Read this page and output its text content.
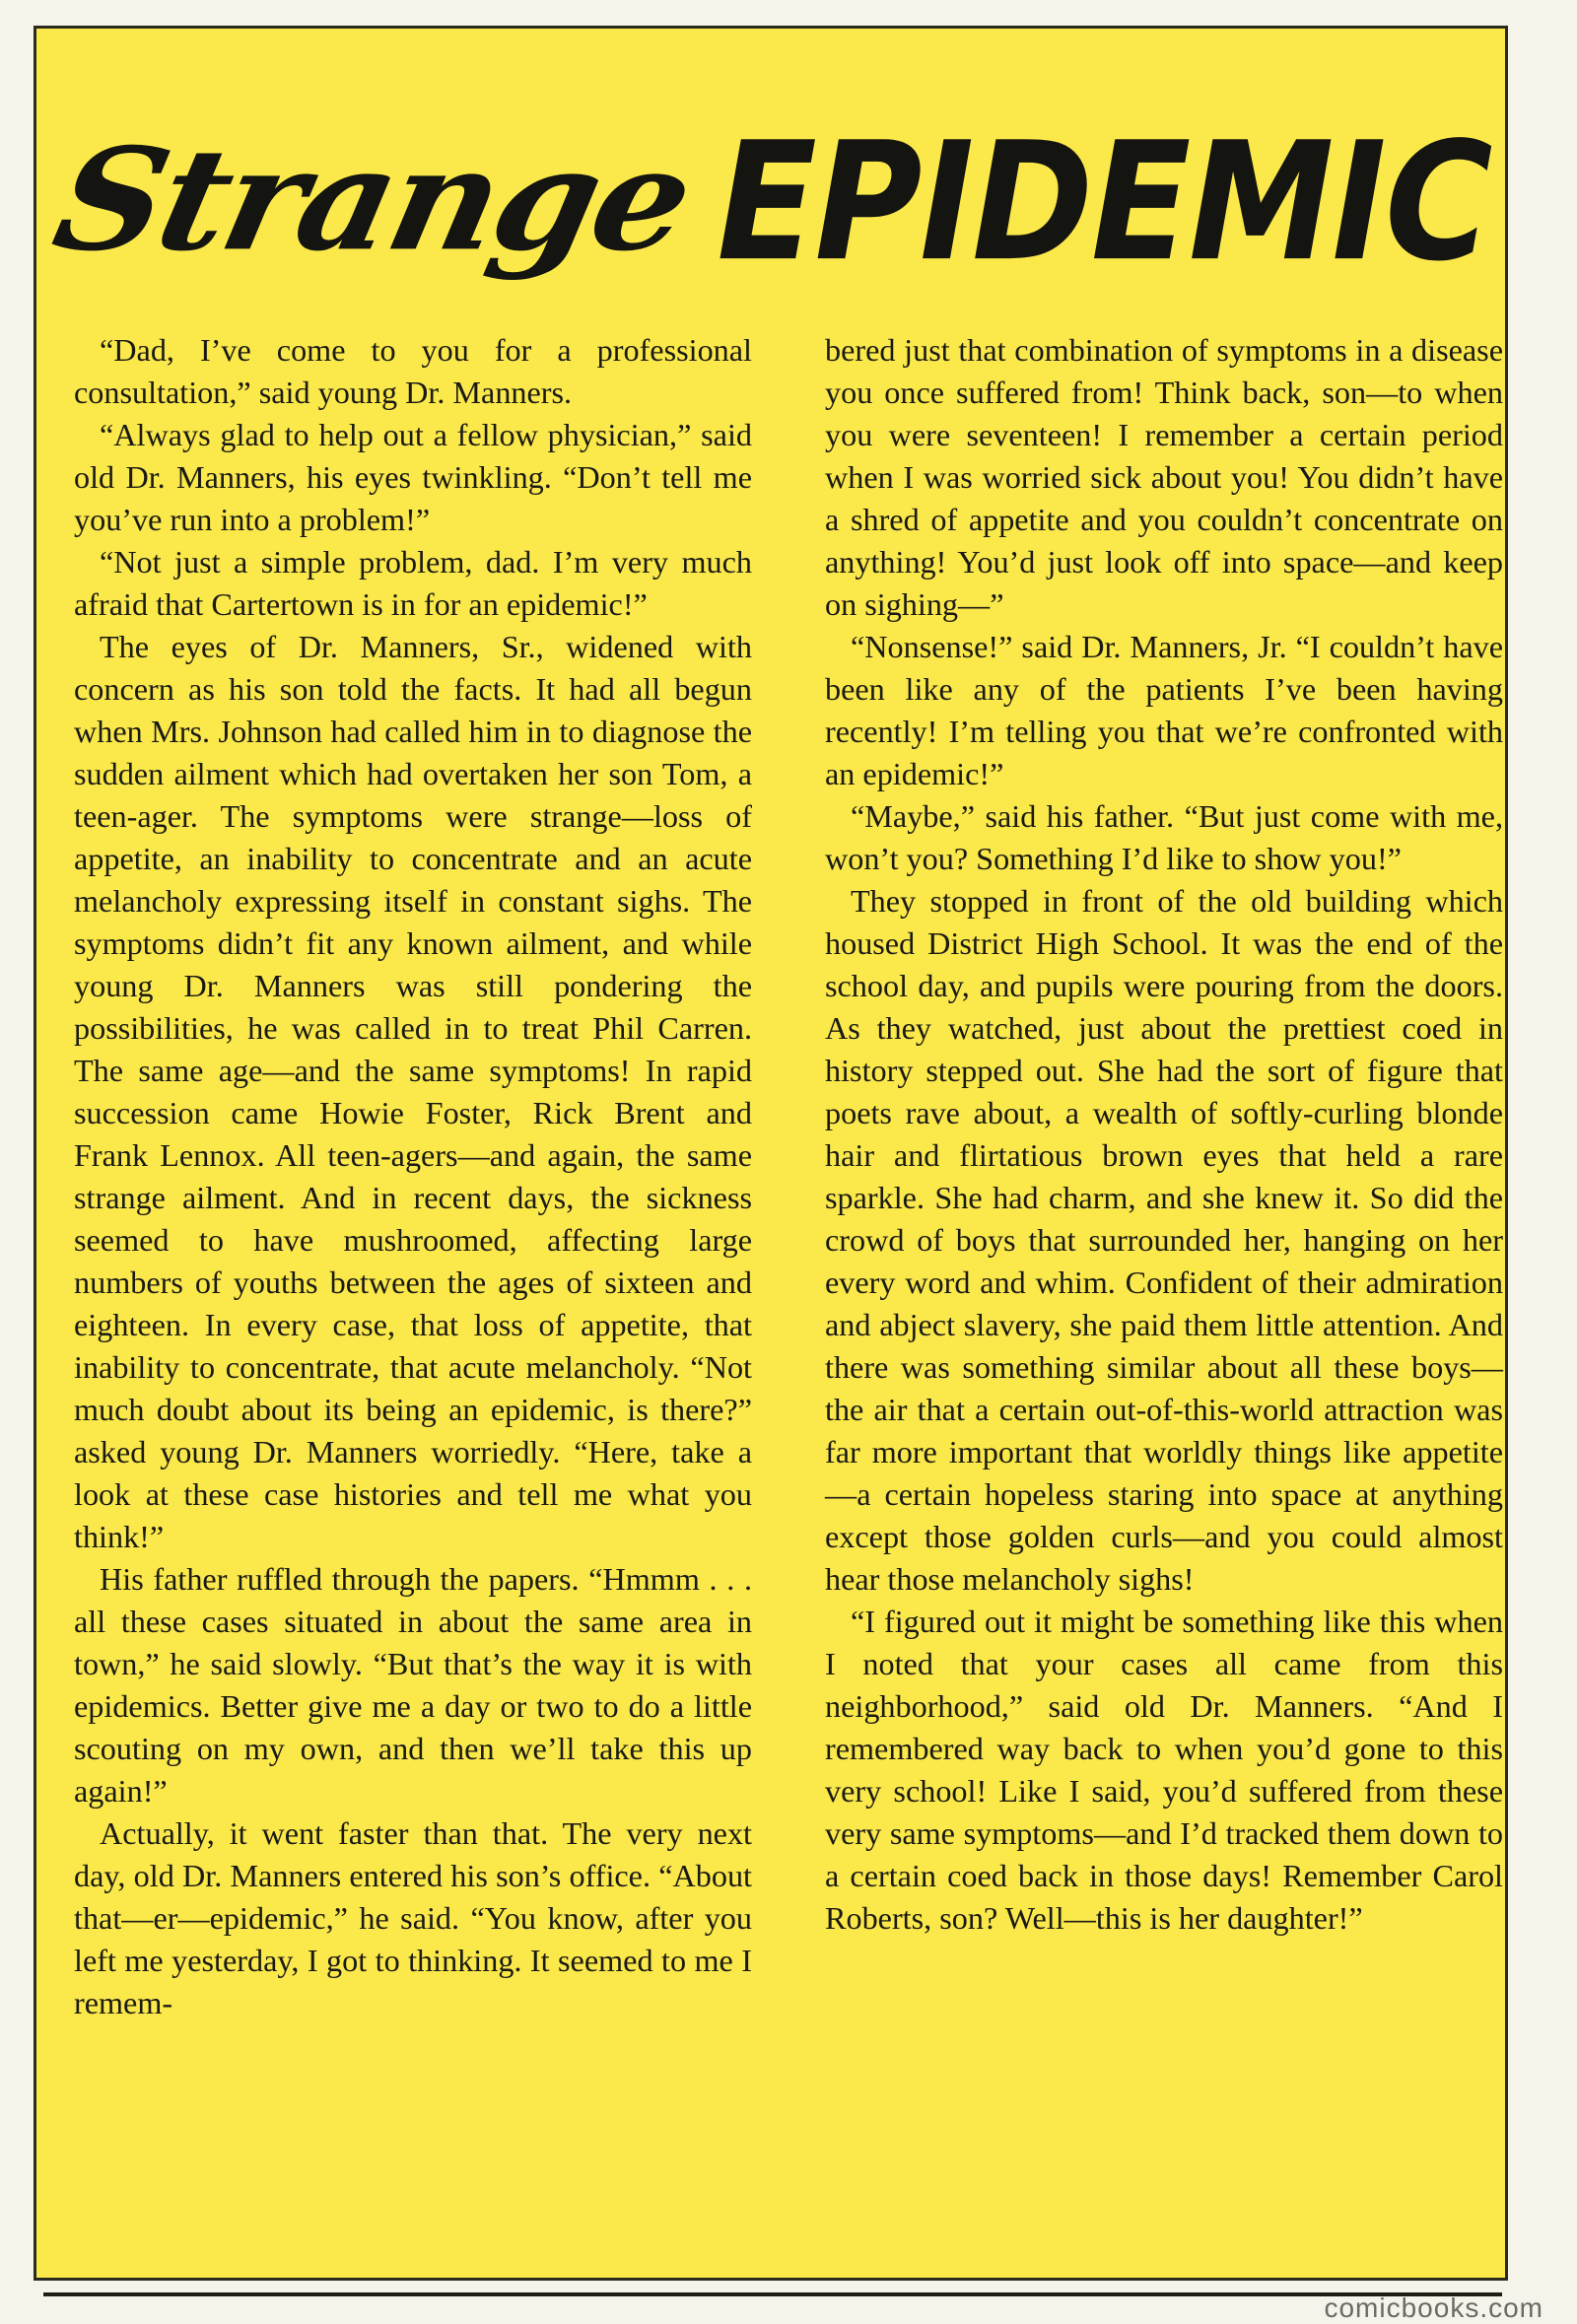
StrangeEPIDEMIC

“Dad, I’ve come to you for a professional consultation,” said young Dr. Manners.

“Always glad to help out a fellow physician,” said old Dr. Manners, his eyes twinkling. “Don’t tell me you’ve run into a problem!”

“Not just a simple problem, dad. I’m very much afraid that Cartertown is in for an epidemic!”

The eyes of Dr. Manners, Sr., widened with concern as his son told the facts. It had all begun when Mrs. Johnson had called him in to diagnose the sudden ailment which had overtaken her son Tom, a teen-ager. The symptoms were strange—loss of appetite, an inability to concentrate and an acute melancholy expressing itself in constant sighs. The symptoms didn’t fit any known ailment, and while young Dr. Manners was still pondering the possibilities, he was called in to treat Phil Carren. The same age—and the same symptoms! In rapid succession came Howie Foster, Rick Brent and Frank Lennox. All teen-agers—and again, the same strange ailment. And in recent days, the sickness seemed to have mushroomed, affecting large numbers of youths between the ages of sixteen and eighteen. In every case, that loss of appetite, that inability to concentrate, that acute melancholy. “Not much doubt about its being an epidemic, is there?” asked young Dr. Manners worriedly. “Here, take a look at these case histories and tell me what you think!”

His father ruffled through the papers. “Hmmm . . . all these cases situated in about the same area in town,” he said slowly. “But that’s the way it is with epidemics. Better give me a day or two to do a little scouting on my own, and then we’ll take this up again!”

Actually, it went faster than that. The very next day, old Dr. Manners entered his son’s office. “About that—er—epidemic,” he said. “You know, after you left me yesterday, I got to thinking. It seemed to me I remem-

bered just that combination of symptoms in a disease you once suffered from! Think back, son—to when you were seventeen! I remember a certain period when I was worried sick about you! You didn’t have a shred of appetite and you couldn’t concentrate on anything! You’d just look off into space—and keep on sighing—”

“Nonsense!” said Dr. Manners, Jr. “I couldn’t have been like any of the patients I’ve been having recently! I’m telling you that we’re confronted with an epidemic!”

“Maybe,” said his father. “But just come with me, won’t you? Something I’d like to show you!”

They stopped in front of the old building which housed District High School. It was the end of the school day, and pupils were pouring from the doors. As they watched, just about the prettiest coed in history stepped out. She had the sort of figure that poets rave about, a wealth of softly-curling blonde hair and flirtatious brown eyes that held a rare sparkle. She had charm, and she knew it. So did the crowd of boys that surrounded her, hanging on her every word and whim. Confident of their admiration and abject slavery, she paid them little attention. And there was something similar about all these boys—the air that a certain out-of-this-world attraction was far more important that worldly things like appetite—a certain hopeless staring into space at anything except those golden curls—and you could almost hear those melancholy sighs!

“I figured out it might be something like this when I noted that your cases all came from this neighborhood,” said old Dr. Manners. “And I remembered way back to when you’d gone to this very school! Like I said, you’d suffered from these very same symptoms—and I’d tracked them down to a certain coed back in those days! Remember Carol Roberts, son? Well—this is her daughter!”

comicbooks.com
